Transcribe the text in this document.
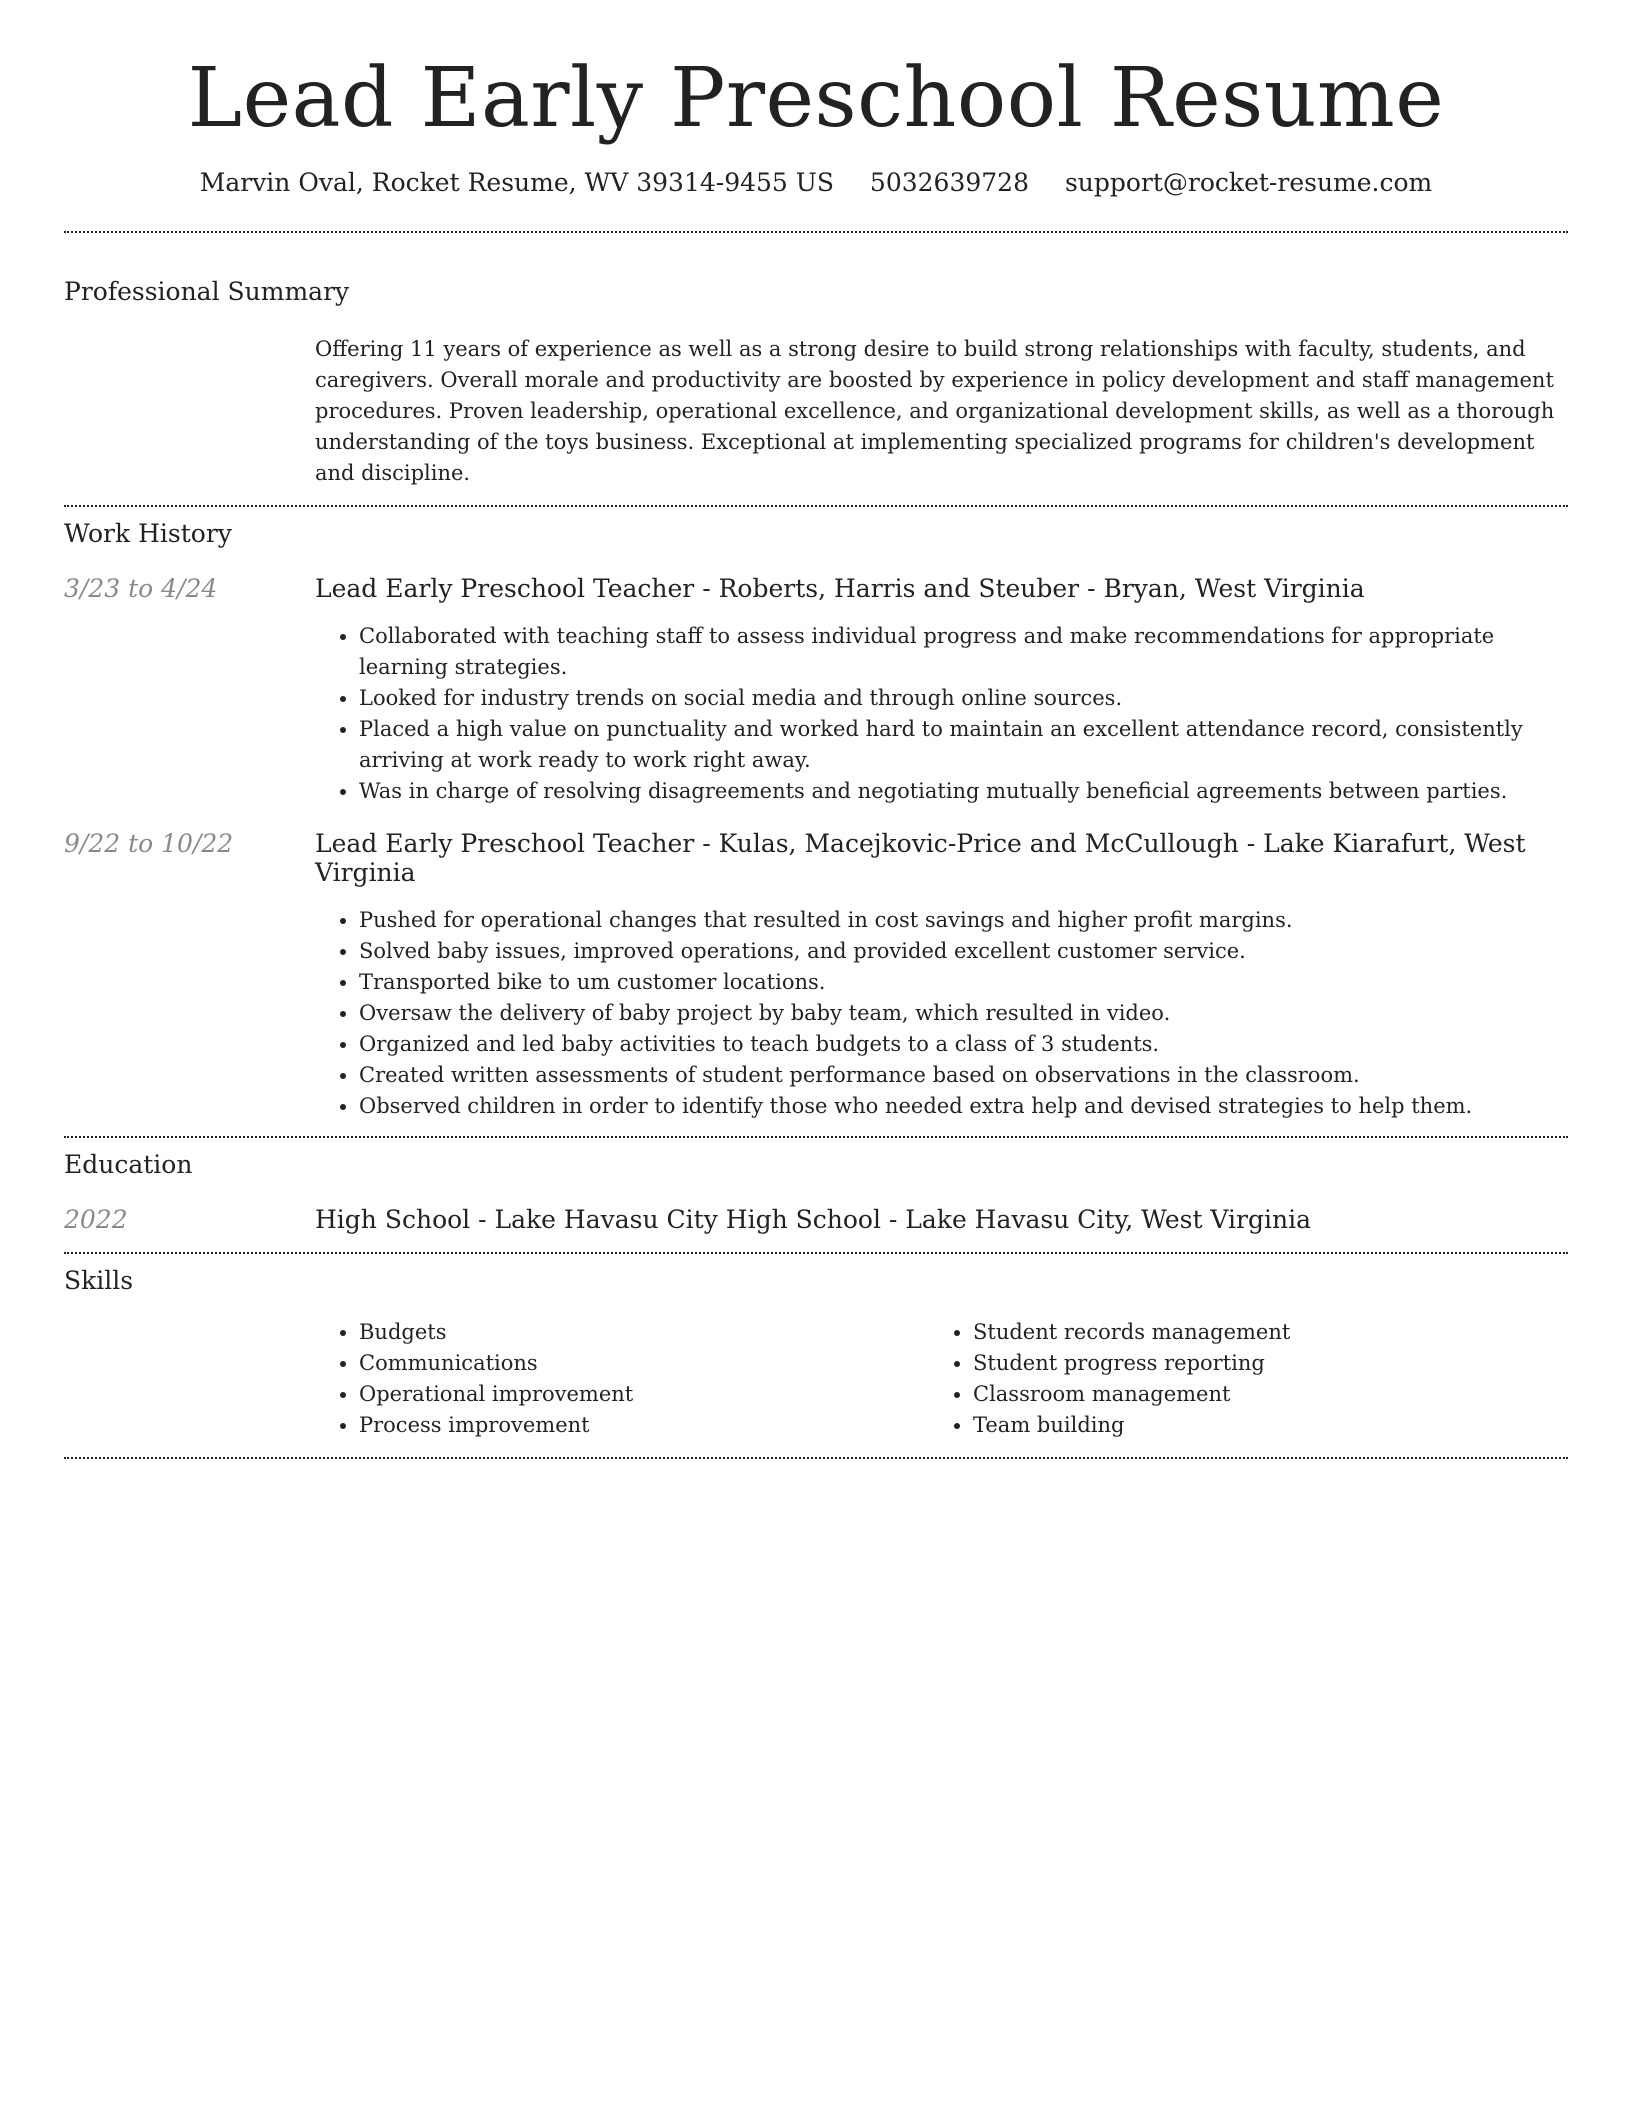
Lead Early Preschool Resume
Marvin Oval, Rocket Resume, WV 39314-9455 US 5032639728 support@rocket-resume.com
Professional Summary
Offering 11 years of experience as well as a strong desire to build strong relationships with faculty, students, and caregivers. Overall morale and productivity are boosted by experience in policy development and staff management procedures. Proven leadership, operational excellence, and organizational development skills, as well as a thorough understanding of the toys business. Exceptional at implementing specialized programs for children's development and discipline.
Work History
3/23 to 4/24	Lead Early Preschool Teacher - Roberts, Harris and Steuber - Bryan, West Virginia
• Collaborated with teaching staff to assess individual progress and make recommendations for appropriate learning strategies.
• Looked for industry trends on social media and through online sources.
• Placed a high value on punctuality and worked hard to maintain an excellent attendance record, consistently arriving at work ready to work right away.
• Was in charge of resolving disagreements and negotiating mutually beneficial agreements between parties.
9/22 to 10/22	Lead Early Preschool Teacher - Kulas, Macejkovic-Price and McCullough - Lake Kiarafurt, West Virginia
• Pushed for operational changes that resulted in cost savings and higher profit margins.
• Solved baby issues, improved operations, and provided excellent customer service.
• Transported bike to um customer locations.
• Oversaw the delivery of baby project by baby team, which resulted in video.
• Organized and led baby activities to teach budgets to a class of 3 students.
• Created written assessments of student performance based on observations in the classroom.
• Observed children in order to identify those who needed extra help and devised strategies to help them.
Education
2022	High School - Lake Havasu City High School - Lake Havasu City, West Virginia
Skills
• Budgets
• Communications
• Operational improvement
• Process improvement
• Student records management
• Student progress reporting
• Classroom management
• Team building
